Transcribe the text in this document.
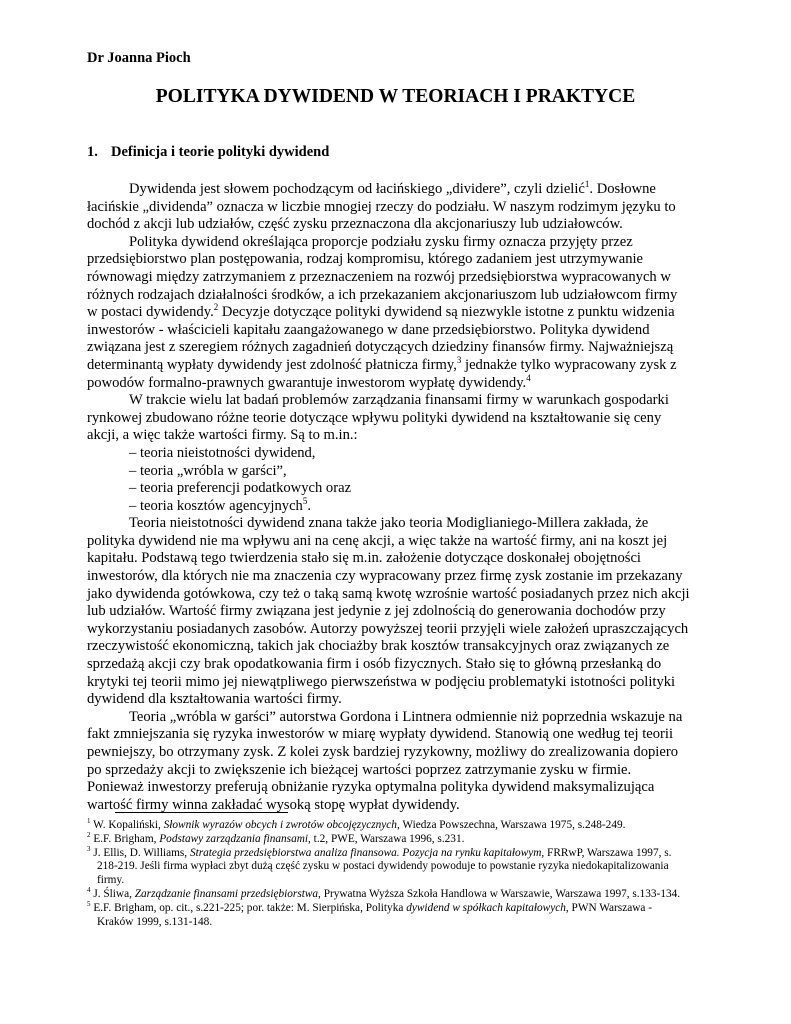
Dr Joanna Pioch
POLITYKA DYWIDEND W TEORIACH I PRAKTYCE
1. Definicja i teorie polityki dywidend

Dywidenda jest słowem pochodzącym od łacińskiego „dividere”, czyli dzielić$^1$. Dosłowne łacińskie „dividenda” oznacza w liczbie mnogiej rzeczy do podziału. W naszym rodzimym języku to dochód z akcji lub udziałów, część zysku przeznaczona dla akcjonariuszy lub udziałowców.

Polityka dywidend określająca proporcje podziału zysku firmy oznacza przyjęty przez przedsiębiorstwo plan postępowania, rodzaj kompromisu, którego zadaniem jest utrzymywanie równowagi między zatrzymaniem z przeznaczeniem na rozwój przedsiębiorstwa wypracowanych w różnych rodzajach działalności środków, a ich przekazaniem akcjonariuszom lub udziałowcom firmy w postaci dywidendy.$^2$ Decyzje dotyczące polityki dywidend są niezwykle istotne z punktu widzenia inwestorów - właścicieli kapitału zaangażowanego w dane przedsiębiorstwo. Polityka dywidend związana jest z szeregiem różnych zagadnień dotyczących dziedziny finansów firmy. Najważniejszą determinantą wypłaty dywidendy jest zdolność płatnicza firmy,$^3$ jednakże tylko wypracowany zysk z powodów formalno-prawnych gwarantuje inwestorom wypłatę dywidendy.$^4$

W trakcie wielu lat badań problemów zarządzania finansami firmy w warunkach gospodarki rynkowej zbudowano różne teorie dotyczące wpływu polityki dywidend na kształtowanie się ceny akcji, a więc także wartości firmy. Są to m.in.:

– teoria nieistotności dywidend,

– teoria „wróbla w garści”,

– teoria preferencji podatkowych oraz

– teoria kosztów agencyjnych$^5$.

Teoria nieistotności dywidend znana także jako teoria Modiglianiego-Millera zakłada, że polityka dywidend nie ma wpływu ani na cenę akcji, a więc także na wartość firmy, ani na koszt jej kapitału. Podstawą tego twierdzenia stało się m.in. założenie dotyczące doskonałej obojętności inwestorów, dla których nie ma znaczenia czy wypracowany przez firmę zysk zostanie im przekazany jako dywidenda gotówkowa, czy też o taką samą kwotę wzrośnie wartość posiadanych przez nich akcji lub udziałów. Wartość firmy związana jest jedynie z jej zdolnością do generowania dochodów przy wykorzystaniu posiadanych zasobów. Autorzy powyższej teorii przyjęli wiele założeń upraszczających rzeczywistość ekonomiczną, takich jak chociażby brak kosztów transakcyjnych oraz związanych ze sprzedażą akcji czy brak opodatkowania firm i osób fizycznych. Stało się to główną przesłanką do krytyki tej teorii mimo jej niewątpliwego pierwszeństwa w podjęciu problematyki istotności polityki dywidend dla kształtowania wartości firmy.

Teoria „wróbla w garści” autorstwa Gordona i Lintnera odmiennie niż poprzednia wskazuje na fakt zmniejszania się ryzyka inwestorów w miarę wypłaty dywidend. Stanowią one według tej teorii pewniejszy, bo otrzymany zysk. Z kolei zysk bardziej ryzykowny, możliwy do zrealizowania dopiero po sprzedaży akcji to zwiększenie ich bieżącej wartości poprzez zatrzymanie zysku w firmie. Ponieważ inwestorzy preferują obniżanie ryzyka optymalna polityka dywidend maksymalizująca wartość firmy winna zakładać wysoką stopę wypłat dywidendy.

$^1$ W. Kopaliński, Słownik wyrazów obcych i zwrotów obcojęzycznych, Wiedza Powszechna, Warszawa 1975, s.248-249.

$^2$ E.F. Brigham, Podstawy zarządzania finansami, t.2, PWE, Warszawa 1996, s.231.

$^3$ J. Ellis, D. Williams, Strategia przedsiębiorstwa analiza finansowa. Pozycja na rynku kapitałowym, FRRwP, Warszawa 1997, s. 218-219. Jeśli firma wypłaci zbyt dużą część zysku w postaci dywidendy powoduje to powstanie ryzyka niedokapitalizowania firmy.

$^4$ J. Śliwa, Zarządzanie finansami przedsiębiorstwa, Prywatna Wyższa Szkoła Handlowa w Warszawie, Warszawa 1997, s.133-134.

$^5$ E.F. Brigham, op. cit., s.221-225; por. także: M. Sierpińska, Polityka dywidend w spółkach kapitałowych, PWN Warszawa - Kraków 1999, s.131-148.
